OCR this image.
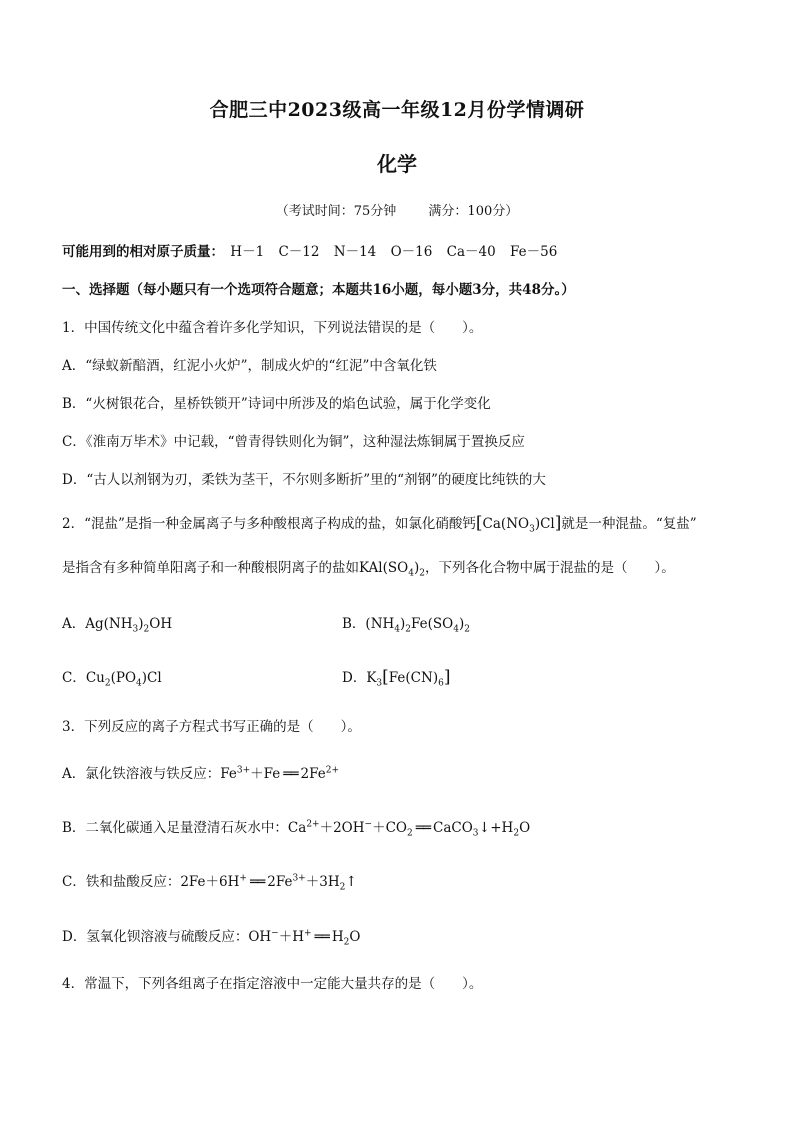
合肥三中2023级高一年级12月份学情调研
化学
（考试时间：75分钟 满分：100分）
可能用到的相对原子质量： H－1 C－12 N－14 O－16 Ca－40 Fe－56
一、选择题（每小题只有一个选项符合题意；本题共16小题，每小题3分，共48分。）
1．中国传统文化中蕴含着许多化学知识，下列说法错误的是（　　）。
A．“绿蚁新醅酒，红泥小火炉”，制成火炉的“红泥”中含氧化铁
B．“火树银花合，星桥铁锁开”诗词中所涉及的焰色试验，属于化学变化
C．《淮南万毕术》中记载，“曾青得铁则化为铜”，这种湿法炼铜属于置换反应
D．“古人以剂钢为刃，柔铁为茎干，不尔则多断折”里的“剂钢”的硬度比纯铁的大
2．“混盐”是指一种金属离子与多种酸根离子构成的盐，如氯化硝酸钙$[Ca(NO_3)Cl]$就是一种混盐。“复盐”
是指含有多种简单阳离子和一种酸根阴离子的盐如$KAl(SO_4)_2$，下列各化合物中属于混盐的是（　　）。
A．$Ag(NH_3)_2OH$	B．$(NH_4)_2Fe(SO_4)_2$
C．$Cu_2(PO_4)Cl$	D．$K_3[Fe(CN)_6]$
3．下列反应的离子方程式书写正确的是（　　）。
A．氯化铁溶液与铁反应：$Fe^{3+}+Fe$ ══ $2Fe^{2+}$
B．二氧化碳通入足量澄清石灰水中：$Ca^{2+}+2OH^-+CO_2$ ══ $CaCO_3↓+H_2O$
C．铁和盐酸反应：2Fe＋6H+ ══ $2Fe^{3+}+3H_2↑$
D．氢氧化钡溶液与硫酸反应：OH−＋H+ ══ $H_2O$
4．常温下，下列各组离子在指定溶液中一定能大量共存的是（　　）。
